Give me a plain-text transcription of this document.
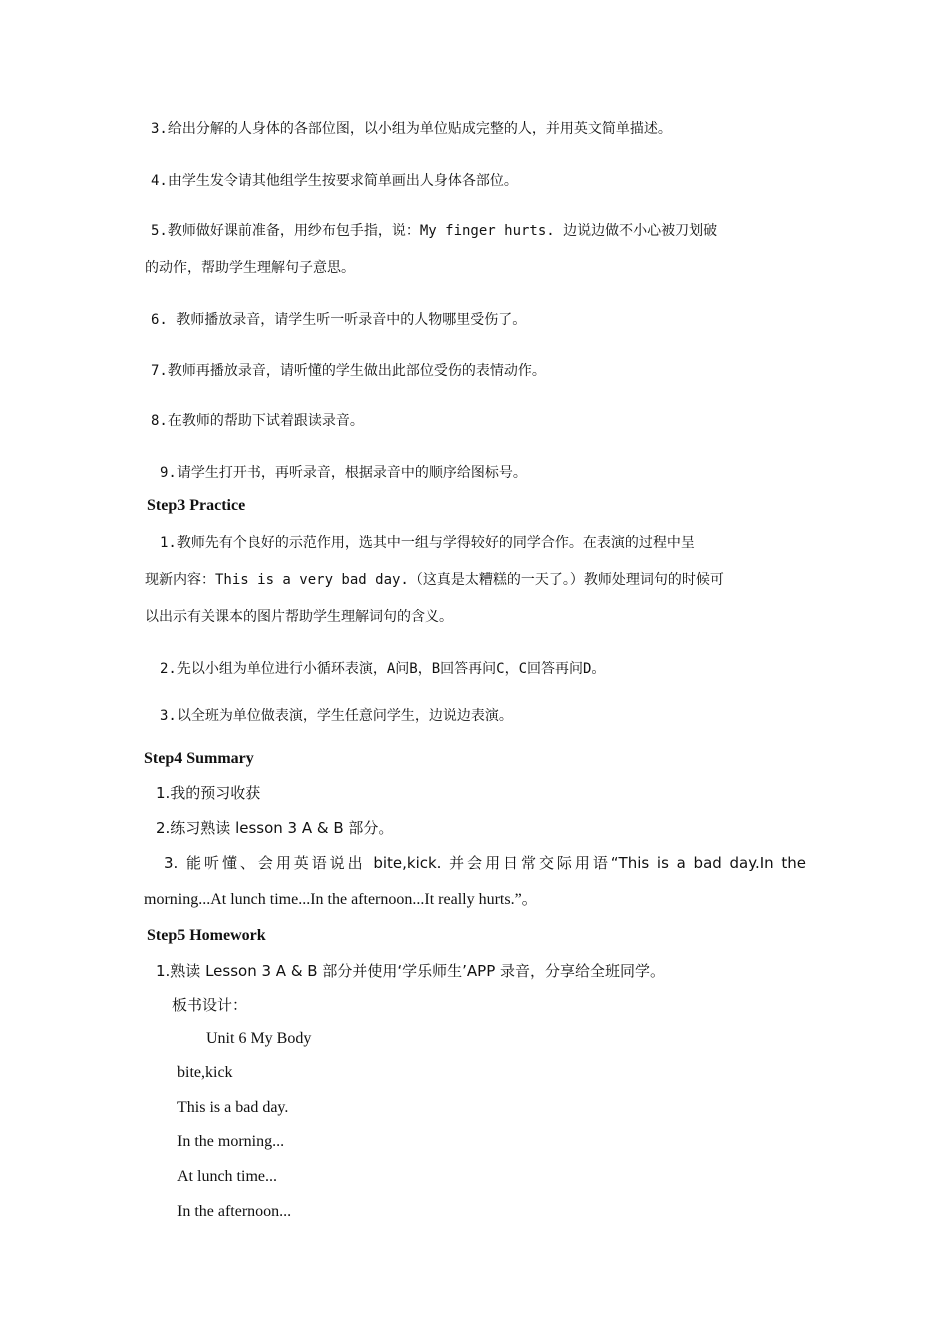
3.给出分解的人身体的各部位图，以小组为单位贴成完整的人，并用英文简单描述。
4.由学生发令请其他组学生按要求简单画出人身体各部位。
5.教师做好课前准备，用纱布包手指，说：My finger hurts. 边说边做不小心被刀划破
的动作，帮助学生理解句子意思。
6. 教师播放录音，请学生听一听录音中的人物哪里受伤了。
7.教师再播放录音，请听懂的学生做出此部位受伤的表情动作。
8.在教师的帮助下试着跟读录音。
9.请学生打开书，再听录音，根据录音中的顺序给图标号。
Step3 Practice
1.教师先有个良好的示范作用，选其中一组与学得较好的同学合作。在表演的过程中呈
现新内容：This is a very bad day.（这真是太糟糕的一天了。）教师处理词句的时候可
以出示有关课本的图片帮助学生理解词句的含义。
2.先以小组为单位进行小循环表演，A问B，B回答再问C，C回答再问D。
3.以全班为单位做表演，学生任意问学生，边说边表演。
Step4 Summary
1.我的预习收获
2.练习熟读 lesson 3 A & B 部分。
3. 能听懂、会用英语说出 bite,kick. 并会用日常交际用语“This is a bad day.In the
morning...At lunch time...In the afternoon...It really hurts.”。
Step5 Homework
1.熟读 Lesson 3 A & B 部分并使用‘学乐师生’APP 录音，分享给全班同学。
板书设计：
Unit 6 My Body
bite,kick
This is a bad day.
In the morning...
At lunch time...
In the afternoon...
